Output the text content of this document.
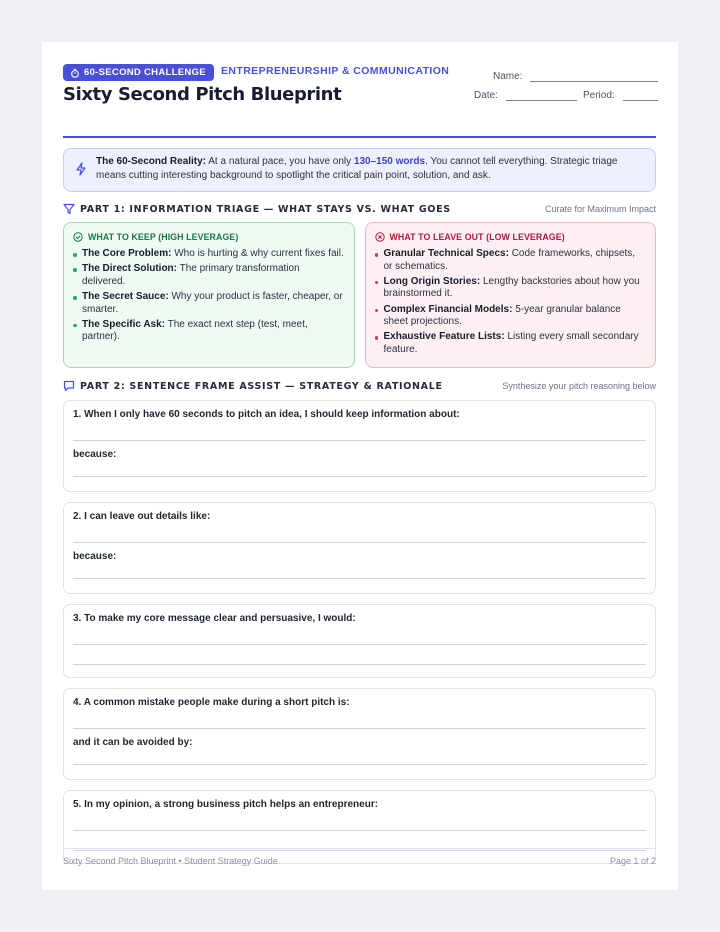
60-SECOND CHALLENGE ENTREPRENEURSHIP & COMMUNICATION
Sixty Second Pitch Blueprint
Name:
Date:	Period:
The 60-Second Reality: At a natural pace, you have only 130–150 words. You cannot tell everything. Strategic triage means cutting interesting background to spotlight the critical pain point, solution, and ask.
PART 1: INFORMATION TRIAGE — WHAT STAYS VS. WHAT GOES	Curate for Maximum Impact
WHAT TO KEEP (HIGH LEVERAGE)
The Core Problem: Who is hurting & why current fixes fail.
The Direct Solution: The primary transformation delivered.
The Secret Sauce: Why your product is faster, cheaper, or smarter.
The Specific Ask: The exact next step (test, meet, partner).
WHAT TO LEAVE OUT (LOW LEVERAGE)
Granular Technical Specs: Code frameworks, chipsets, or schematics.
Long Origin Stories: Lengthy backstories about how you brainstormed it.
Complex Financial Models: 5-year granular balance sheet projections.
Exhaustive Feature Lists: Listing every small secondary feature.
PART 2: SENTENCE FRAME ASSIST — STRATEGY & RATIONALE	Synthesize your pitch reasoning below
1. When I only have 60 seconds to pitch an idea, I should keep information about:
because:
2. I can leave out details like:
because:
3. To make my core message clear and persuasive, I would:
4. A common mistake people make during a short pitch is:
and it can be avoided by:
5. In my opinion, a strong business pitch helps an entrepreneur:
Sixty Second Pitch Blueprint • Student Strategy Guide	Page 1 of 2
